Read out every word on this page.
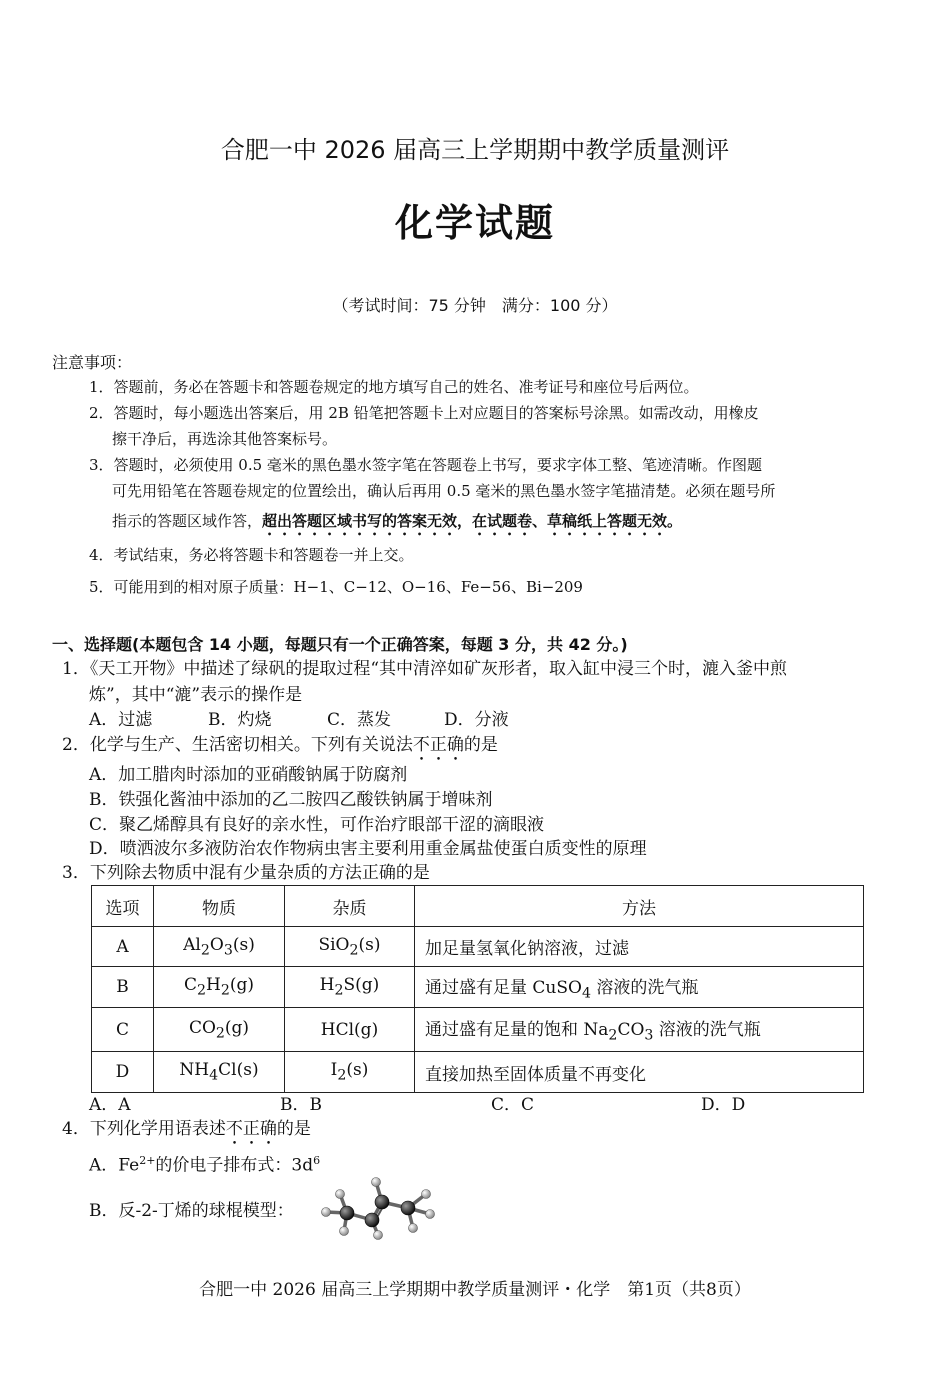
合肥一中 2026 届高三上学期期中教学质量测评
化学试题
（考试时间：75 分钟　满分：100 分）
注意事项：
1．答题前，务必在答题卡和答题卷规定的地方填写自己的姓名、准考证号和座位号后两位。
2．答题时，每小题选出答案后，用 2B 铅笔把答题卡上对应题目的答案标号涂黑。如需改动，用橡皮
擦干净后，再选涂其他答案标号。
3．答题时，必须使用 0.5 毫米的黑色墨水签字笔在答题卷上书写，要求字体工整、笔迹清晰。作图题
可先用铅笔在答题卷规定的位置绘出，确认后再用 0.5 毫米的黑色墨水签字笔描清楚。必须在题号所
指示的答题区域作答，超出答题区域书写的答案无效，在试题卷、草稿纸上答题无效。
4．考试结束，务必将答题卡和答题卷一并上交。
5．可能用到的相对原子质量：H−1、C−12、O−16、Fe−56、Bi−209
一、选择题(本题包含 14 小题，每题只有一个正确答案，每题 3 分，共 42 分。)
1．《天工开物》中描述了绿矾的提取过程“其中清淬如矿灰形者，取入缸中浸三个时，漉入釜中煎
炼”，其中“漉”表示的操作是
A．过滤	B．灼烧	C．蒸发	D．分液
2．化学与生产、生活密切相关。下列有关说法不正确的是
A．加工腊肉时添加的亚硝酸钠属于防腐剂
B．铁强化酱油中添加的乙二胺四乙酸铁钠属于增味剂
C．聚乙烯醇具有良好的亲水性，可作治疗眼部干涩的滴眼液
D．喷洒波尔多液防治农作物病虫害主要利用重金属盐使蛋白质变性的原理
3．下列除去物质中混有少量杂质的方法正确的是
选项	物质	杂质	方法
A	$Al_2O_3(s)$	SiO$_2$(s)	加足量氢氧化钠溶液，过滤
B	$C_2H_2(g)$	$H_2S(g)$	通过盛有足量 CuSO$_4$ 溶液的洗气瓶
C	$CO_2(g)$	HCl(g)	通过盛有足量的饱和 $Na_2CO_3$ 溶液的洗气瓶
D	$NH_4Cl(s)$	$I_2(s)$	直接加热至固体质量不再变化
A．A	B．B	C．C	D．D
4．下列化学用语表述不正确的是
A．$Fe^{2+}$的价电子排布式：$3d^6$
B．反-2-丁烯的球棍模型：
合肥一中 2026 届高三上学期期中教学质量测评・化学　第1页（共8页）
